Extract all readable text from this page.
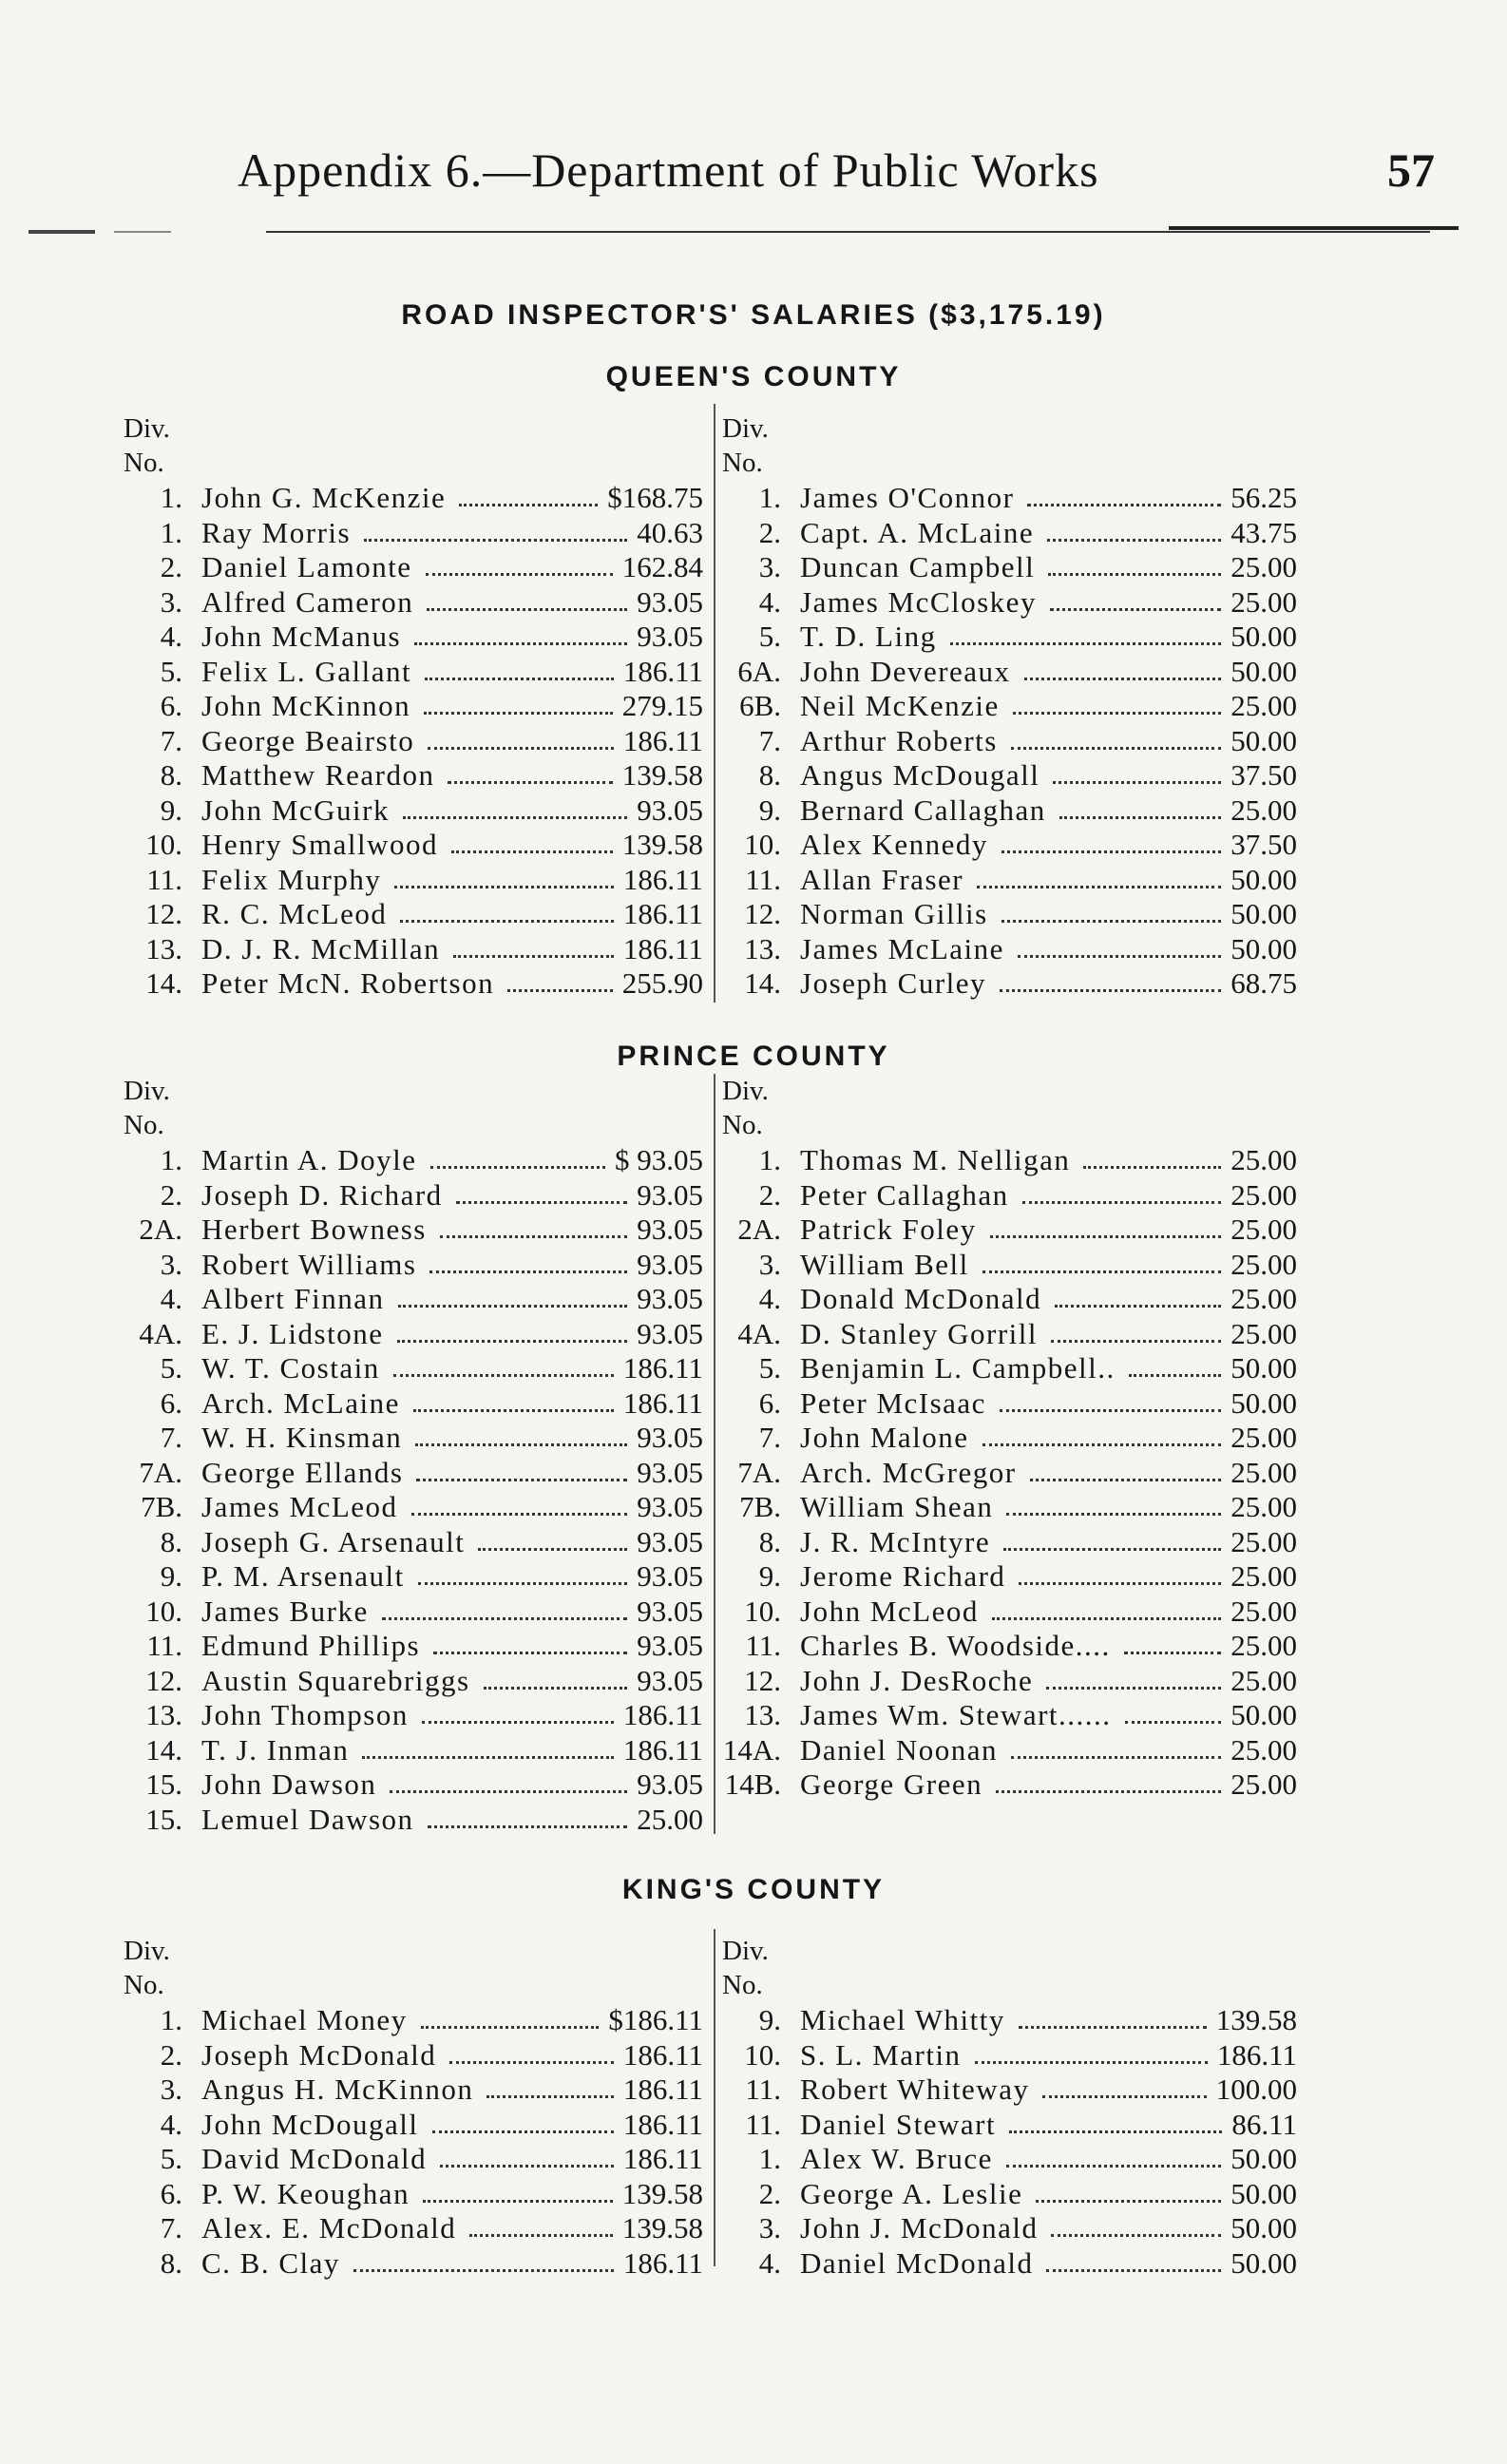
Appendix 6.—Department of Public Works	57
ROAD INSPECTOR'S' SALARIES ($3,175.19)
QUEEN'S COUNTY
Div.
No.
1. John G. McKenzie	$168.75
1. Ray Morris	40.63
2. Daniel Lamonte	162.84
3. Alfred Cameron	93.05
4. John McManus	93.05
5. Felix L. Gallant	186.11
6. John McKinnon	279.15
7. George Beairsto	186.11
8. Matthew Reardon	139.58
9. John McGuirk	93.05
10. Henry Smallwood	139.58
11. Felix Murphy	186.11
12. R. C. McLeod	186.11
13. D. J. R. McMillan	186.11
14. Peter McN. Robertson	255.90
Div.
No.
1. James O'Connor	56.25
2. Capt. A. McLaine	43.75
3. Duncan Campbell	25.00
4. James McCloskey	25.00
5. T. D. Ling	50.00
6A. John Devereaux	50.00
6B. Neil McKenzie	25.00
7. Arthur Roberts	50.00
8. Angus McDougall	37.50
9. Bernard Callaghan	25.00
10. Alex Kennedy	37.50
11. Allan Fraser	50.00
12. Norman Gillis	50.00
13. James McLaine	50.00
14. Joseph Curley	68.75
PRINCE COUNTY
Div.
No.
1. Martin A. Doyle	$ 93.05
2. Joseph D. Richard	93.05
2A. Herbert Bowness	93.05
3. Robert Williams	93.05
4. Albert Finnan	93.05
4A. E. J. Lidstone	93.05
5. W. T. Costain	186.11
6. Arch. McLaine	186.11
7. W. H. Kinsman	93.05
7A. George Ellands	93.05
7B. James McLeod	93.05
8. Joseph G. Arsenault	93.05
9. P. M. Arsenault	93.05
10. James Burke	93.05
11. Edmund Phillips	93.05
12. Austin Squarebriggs	93.05
13. John Thompson	186.11
14. T. J. Inman	186.11
15. John Dawson	93.05
15. Lemuel Dawson	25.00
Div.
No.
1. Thomas M. Nelligan	25.00
2. Peter Callaghan	25.00
2A. Patrick Foley	25.00
3. William Bell	25.00
4. Donald McDonald	25.00
4A. D. Stanley Gorrill	25.00
5. Benjamin L. Campbell..	50.00
6. Peter McIsaac	50.00
7. John Malone	25.00
7A. Arch. McGregor	25.00
7B. William Shean	25.00
8. J. R. McIntyre	25.00
9. Jerome Richard	25.00
10. John McLeod	25.00
11. Charles B. Woodside....	25.00
12. John J. DesRoche	25.00
13. James Wm. Stewart......	50.00
14A. Daniel Noonan	25.00
14B. George Green	25.00
KING'S COUNTY
Div.
No.
1. Michael Money	$186.11
2. Joseph McDonald	186.11
3. Angus H. McKinnon	186.11
4. John McDougall	186.11
5. David McDonald	186.11
6. P. W. Keoughan	139.58
7. Alex. E. McDonald	139.58
8. C. B. Clay	186.11
Div.
No.
9. Michael Whitty	139.58
10. S. L. Martin	186.11
11. Robert Whiteway	100.00
11. Daniel Stewart	86.11
1. Alex W. Bruce	50.00
2. George A. Leslie	50.00
3. John J. McDonald	50.00
4. Daniel McDonald	50.00
